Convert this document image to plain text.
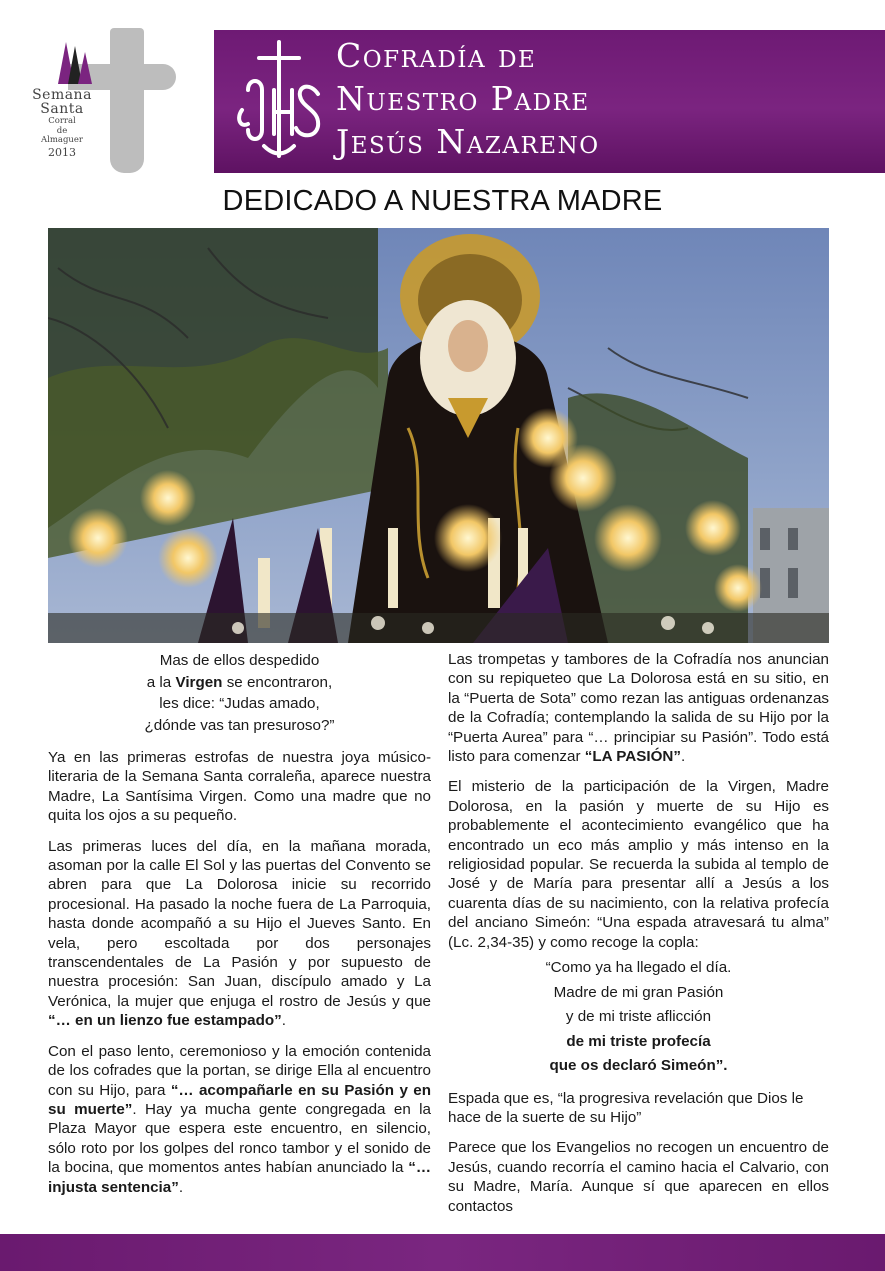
Semana
Santa
Corral
de
Almaguer
2013
Cofradía de
Nuestro Padre
Jesús Nazareno
DEDICADO A NUESTRA MADRE
Mas de ellos despedido
a la Virgen se encontraron,
les dice: “Judas amado,
¿dónde vas tan presuroso?”

Ya en las primeras estrofas de nuestra joya músico-literaria de la Semana Santa corraleña, aparece nuestra Madre, La Santísima Virgen. Como una madre que no quita los ojos a su pequeño.

Las primeras luces del día, en la mañana morada, asoman por la calle El Sol y las puertas del Convento se abren para que La Dolorosa inicie su recorrido procesional. Ha pasado la noche fuera de La Parroquia, hasta donde acompañó a su Hijo el Jueves Santo. En vela, pero escoltada por dos personajes transcendentales de La Pasión y por supuesto de nuestra procesión: San Juan, discípulo amado y La Verónica, la mujer que enjuga el rostro de Jesús y que “… en un lienzo fue estampado”.

Con el paso lento, ceremonioso y la emoción contenida de los cofrades que la portan, se dirige Ella al encuentro con su Hijo, para “… acompañarle en su Pasión y en su muerte”. Hay ya mucha gente congregada en la Plaza Mayor que espera este encuentro, en silencio, sólo roto por los golpes del ronco tambor y el sonido de la bocina, que momentos antes habían anunciado la “… injusta sentencia”.

Las trompetas y tambores de la Cofradía nos anuncian con su repiqueteo que La Dolorosa está en su sitio, en la “Puerta de Sota” como rezan las antiguas ordenanzas de la Cofradía; contemplando la salida de su Hijo por la “Puerta Aurea” para “… principiar su Pasión”. Todo está listo para comenzar “LA PASIÓN”.

El misterio de la participación de la Virgen, Madre Dolorosa, en la pasión y muerte de su Hijo es probablemente el acontecimiento evangélico que ha encontrado un eco más amplio y más intenso en la religiosidad popular. Se recuerda la subida al templo de José y de María para presentar allí a Jesús a los cuarenta días de su nacimiento, con la relativa profecía del anciano Simeón: “Una espada atravesará tu alma” (Lc. 2,34-35) y como recoge la copla:

“Como ya ha llegado el día.
Madre de mi gran Pasión
y de mi triste aflicción
de mi triste profecía
que os declaró Simeón”.

Espada que es, “la progresiva revelación que Dios le hace de la suerte de su Hijo”

Parece que los Evangelios no recogen un encuentro de Jesús, cuando recorría el camino hacia el Calvario, con su Madre, María. Aunque sí que aparecen en ellos contactos
